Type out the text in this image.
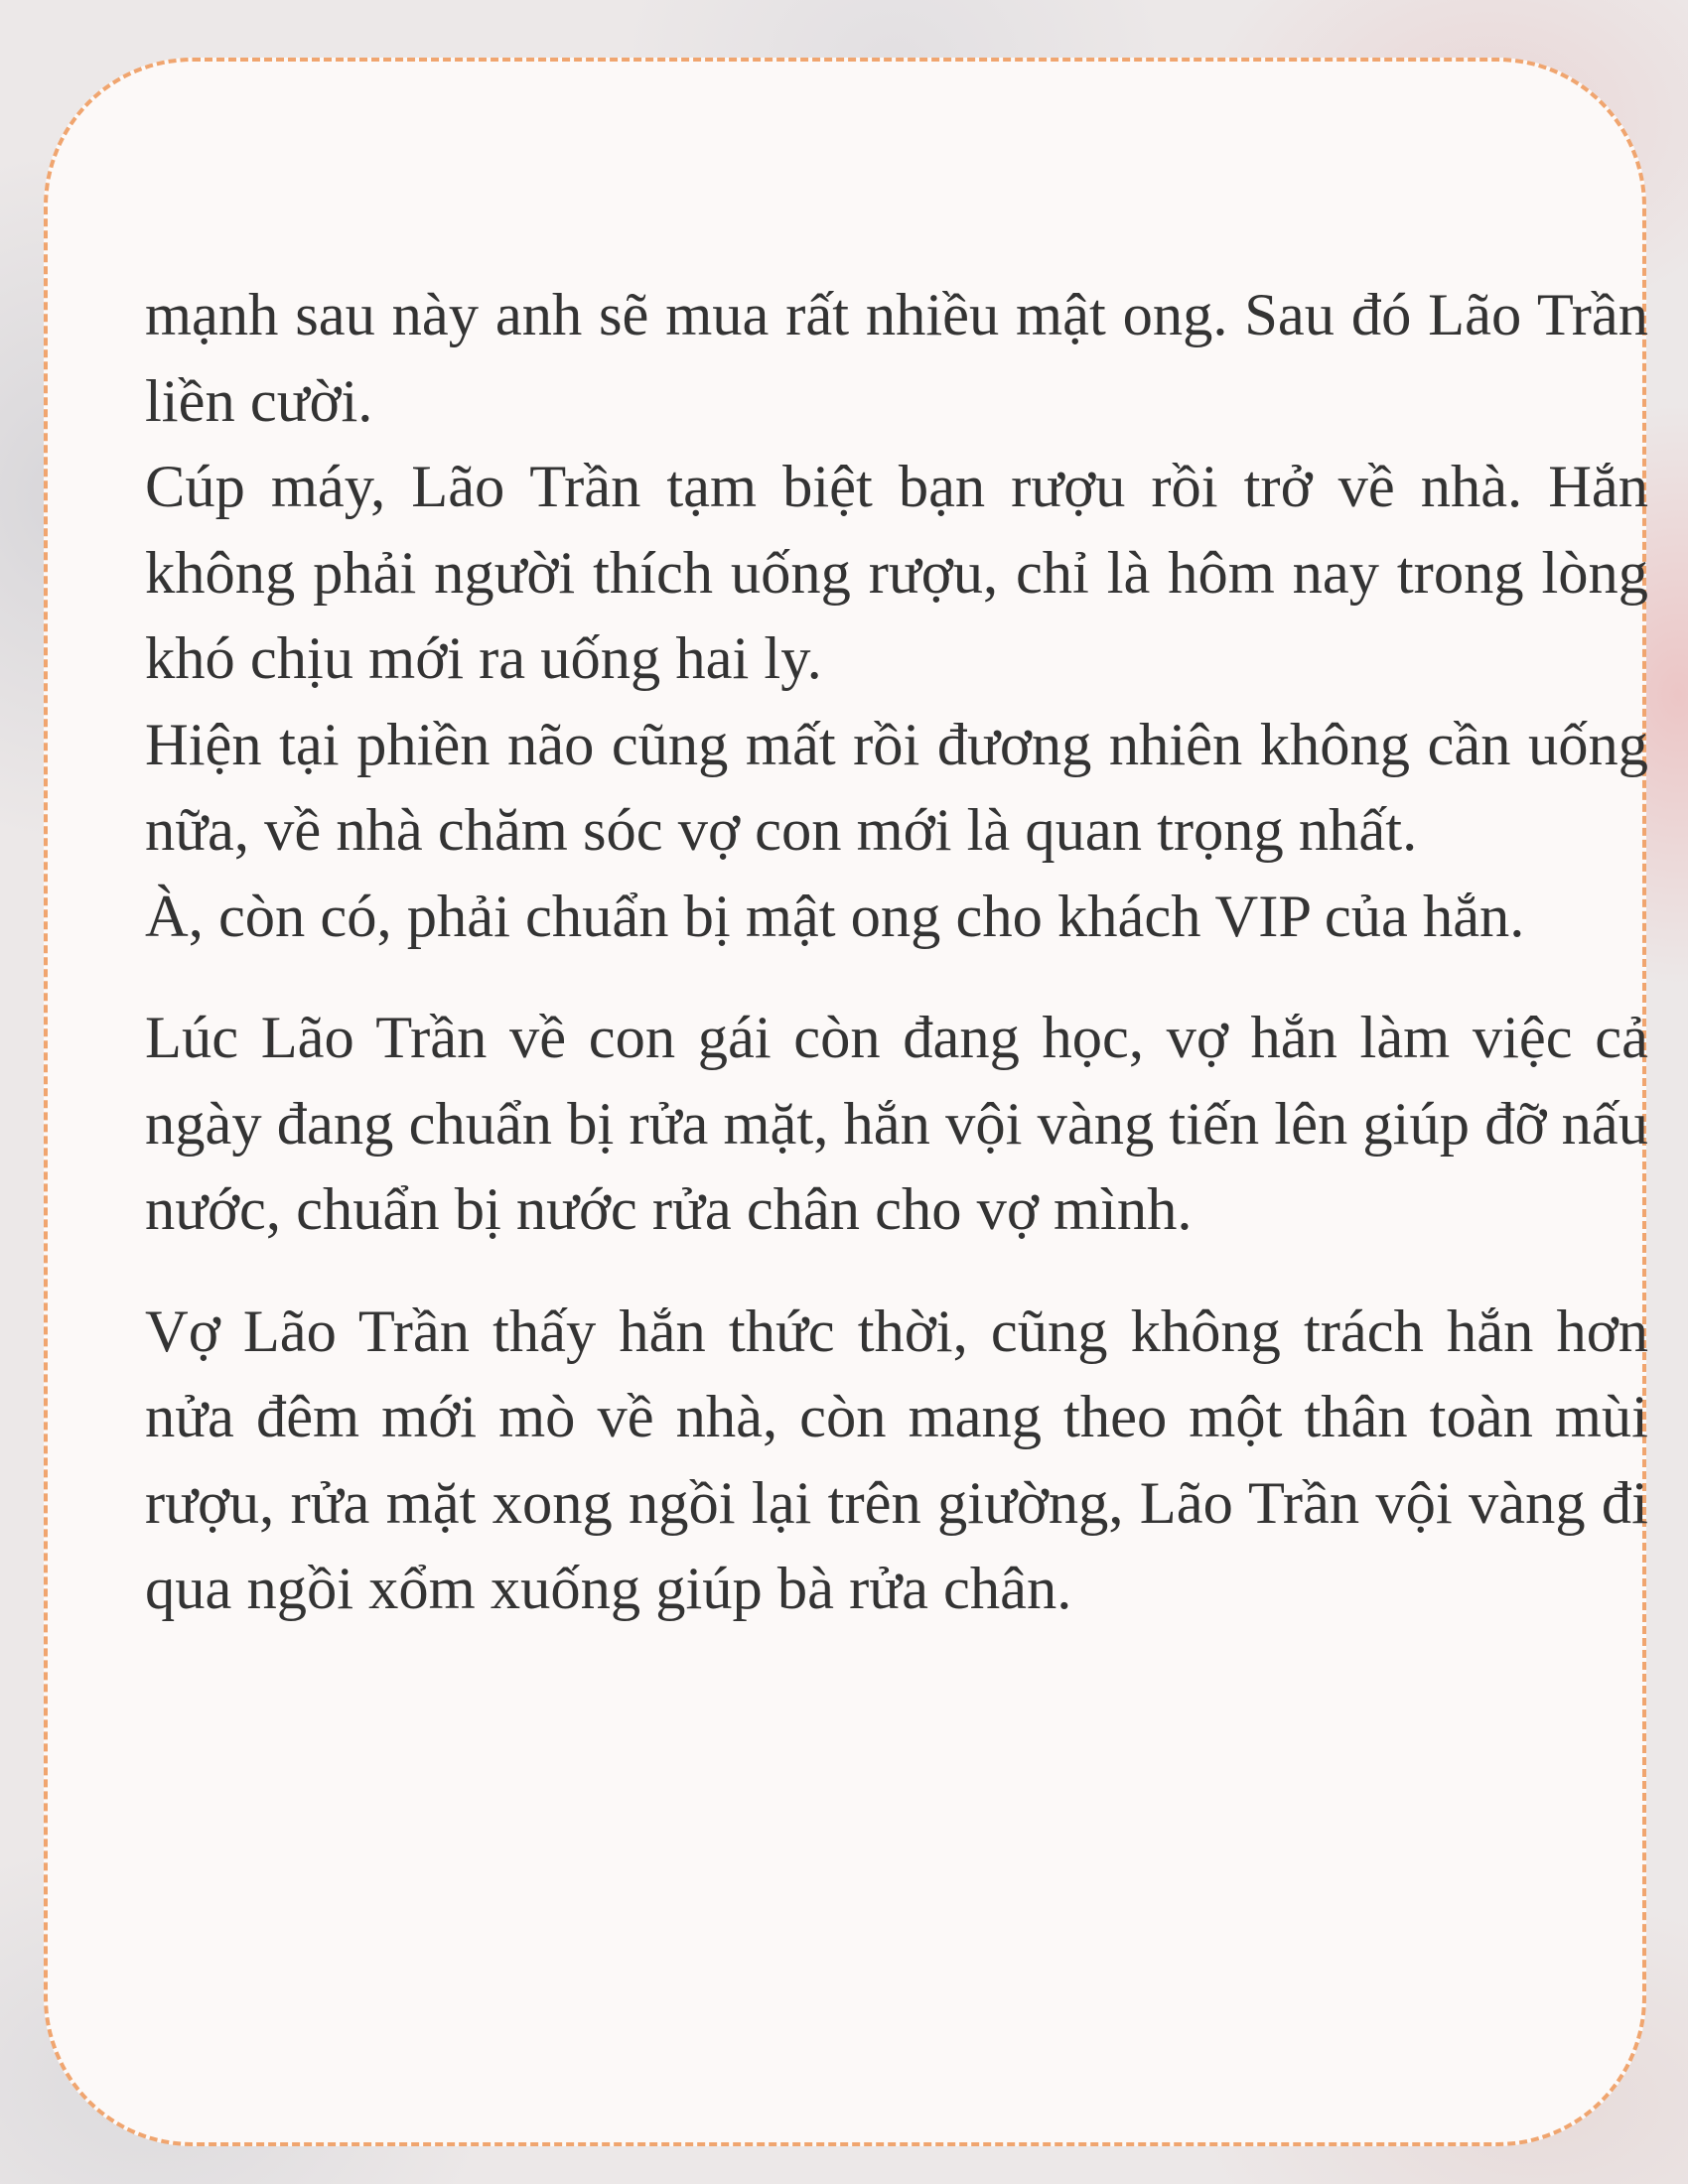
mạnh sau này anh sẽ mua rất nhiều mật ong. Sau đó Lão Trần liền cười.

Cúp máy, Lão Trần tạm biệt bạn rượu rồi trở về nhà. Hắn không phải người thích uống rượu, chỉ là hôm nay trong lòng khó chịu mới ra uống hai ly.

Hiện tại phiền não cũng mất rồi đương nhiên không cần uống nữa, về nhà chăm sóc vợ con mới là quan trọng nhất.

À, còn có, phải chuẩn bị mật ong cho khách VIP của hắn.

Lúc Lão Trần về con gái còn đang học, vợ hắn làm việc cả ngày đang chuẩn bị rửa mặt, hắn vội vàng tiến lên giúp đỡ nấu nước, chuẩn bị nước rửa chân cho vợ mình.

Vợ Lão Trần thấy hắn thức thời, cũng không trách hắn hơn nửa đêm mới mò về nhà, còn mang theo một thân toàn mùi rượu, rửa mặt xong ngồi lại trên giường, Lão Trần vội vàng đi qua ngồi xổm xuống giúp bà rửa chân.
